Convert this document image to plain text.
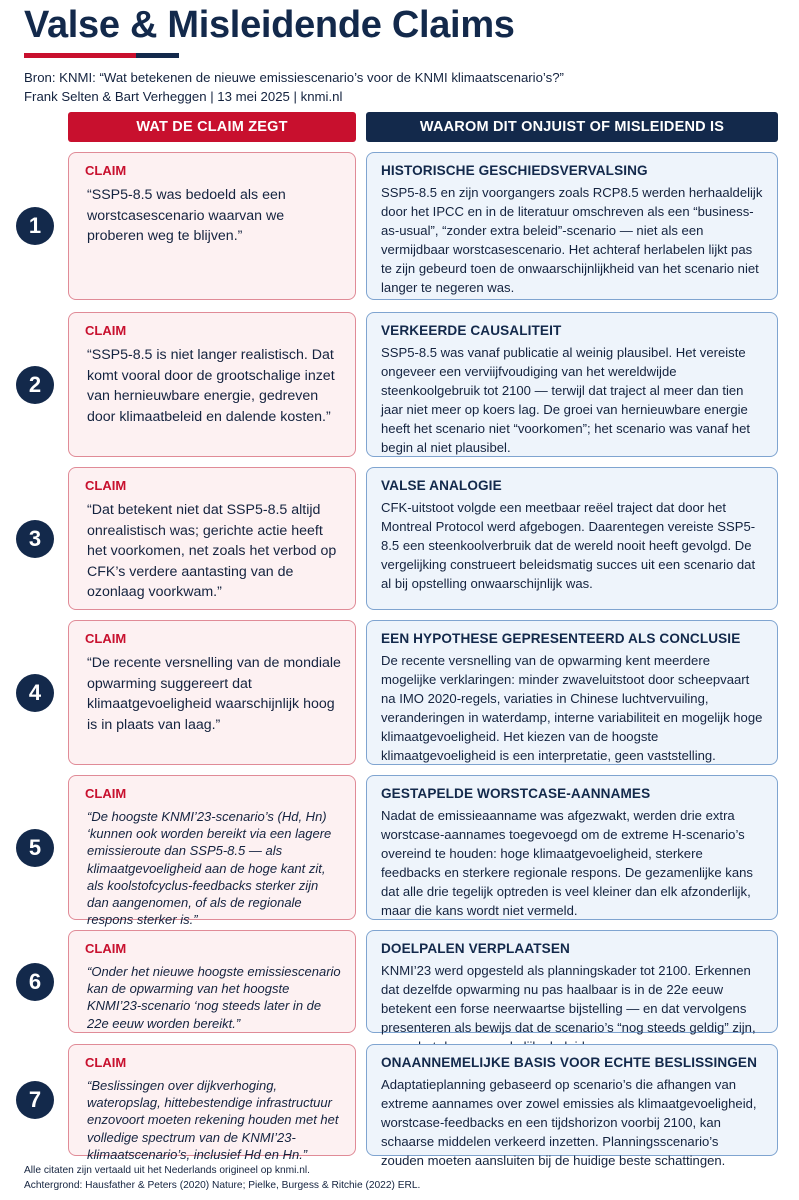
Valse & Misleidende Claims
Bron: KNMI: “Wat betekenen de nieuwe emissiescenario’s voor de KNMI klimaatscenario’s?”
Frank Selten & Bart Verheggen | 13 mei 2025 | knmi.nl
WAT DE CLAIM ZEGT	WAAROM DIT ONJUIST OF MISLEIDEND IS
1
CLAIM
“SSP5-8.5 was bedoeld als een worstcasescenario waarvan we proberen weg te blijven.”
HISTORISCHE GESCHIEDSVERVALSING
SSP5-8.5 en zijn voorgangers zoals RCP8.5 werden herhaaldelijk door het IPCC en in de literatuur omschreven als een “business-as-usual”, “zonder extra beleid”-scenario — niet als een vermijdbaar worstcasescenario. Het achteraf herlabelen lijkt pas te zijn gebeurd toen de onwaarschijnlijkheid van het scenario niet langer te negeren was.
2
CLAIM
“SSP5-8.5 is niet langer realistisch. Dat komt vooral door de grootschalige inzet van hernieuwbare energie, gedreven door klimaatbeleid en dalende kosten.”
VERKEERDE CAUSALITEIT
SSP5-8.5 was vanaf publicatie al weinig plausibel. Het vereiste ongeveer een verviijfvoudiging van het wereldwijde steenkoolgebruik tot 2100 — terwijl dat traject al meer dan tien jaar niet meer op koers lag. De groei van hernieuwbare energie heeft het scenario niet “voorkomen”; het scenario was vanaf het begin al niet plausibel.
3
CLAIM
“Dat betekent niet dat SSP5-8.5 altijd onrealistisch was; gerichte actie heeft het voorkomen, net zoals het verbod op CFK’s verdere aantasting van de ozonlaag voorkwam.”
VALSE ANALOGIE
CFK-uitstoot volgde een meetbaar reëel traject dat door het Montreal Protocol werd afgebogen. Daarentegen vereiste SSP5-8.5 een steenkoolverbruik dat de wereld nooit heeft gevolgd. De vergelijking construeert beleidsmatig succes uit een scenario dat al bij opstelling onwaarschijnlijk was.
4
CLAIM
“De recente versnelling van de mondiale opwarming suggereert dat klimaatgevoeligheid waarschijnlijk hoog is in plaats van laag.”
EEN HYPOTHESE GEPRESENTEERD ALS CONCLUSIE
De recente versnelling van de opwarming kent meerdere mogelijke verklaringen: minder zwaveluitstoot door scheepvaart na IMO 2020-regels, variaties in Chinese luchtvervuiling, veranderingen in waterdamp, interne variabiliteit en mogelijk hoge klimaatgevoeligheid. Het kiezen van de hoogste klimaatgevoeligheid is een interpretatie, geen vaststelling.
5
CLAIM
“De hoogste KNMI’23-scenario’s (Hd, Hn) ‘kunnen ook worden bereikt via een lagere emissieroute dan SSP5-8.5 — als klimaatgevoeligheid aan de hoge kant zit, als koolstofcyclus-feedbacks sterker zijn dan aangenomen, of als de regionale respons sterker is.”
GESTAPELDE WORSTCASE-AANNAMES
Nadat de emissieaanname was afgezwakt, werden drie extra worstcase-aannames toegevoegd om de extreme H-scenario’s overeind te houden: hoge klimaatgevoeligheid, sterkere feedbacks en sterkere regionale respons. De gezamenlijke kans dat alle drie tegelijk optreden is veel kleiner dan elk afzonderlijk, maar die kans wordt niet vermeld.
6
CLAIM
“Onder het nieuwe hoogste emissiescenario kan de opwarming van het hoogste KNMI’23-scenario ‘nog steeds later in de 22e eeuw worden bereikt.”
DOELPALEN VERPLAATSEN
KNMI’23 werd opgesteld als planningskader tot 2100. Erkennen dat dezelfde opwarming nu pas haalbaar is in de 22e eeuw betekent een forse neerwaartse bijstelling — en dat vervolgens presenteren als bewijs dat de scenario’s “nog steeds geldig” zijn,
7
CLAIM
“Beslissingen over dijkverhoging, wateropslag, hittebestendige infrastructuur enzovoort moeten rekening houden met het volledige spectrum van de KNMI’23-klimaatscenario’s, inclusief Hd en Hn.”
ONAANNEMELIJKE BASIS VOOR ECHTE BESLISSINGEN
Adaptatieplanning gebaseerd op scenario’s die afhangen van extreme aannames over zowel emissies als klimaatgevoeligheid, worstcase-feedbacks en een tijdshorizon voorbij 2100, kan schaarse middelen verkeerd inzetten. Planningsscenario’s zouden moeten aansluiten bij de huidige beste schattingen.
Alle citaten zijn vertaald uit het Nederlands origineel op knmi.nl.
Achtergrond: Hausfather & Peters (2020) Nature; Pielke, Burgess & Ritchie (2022) ERL.
